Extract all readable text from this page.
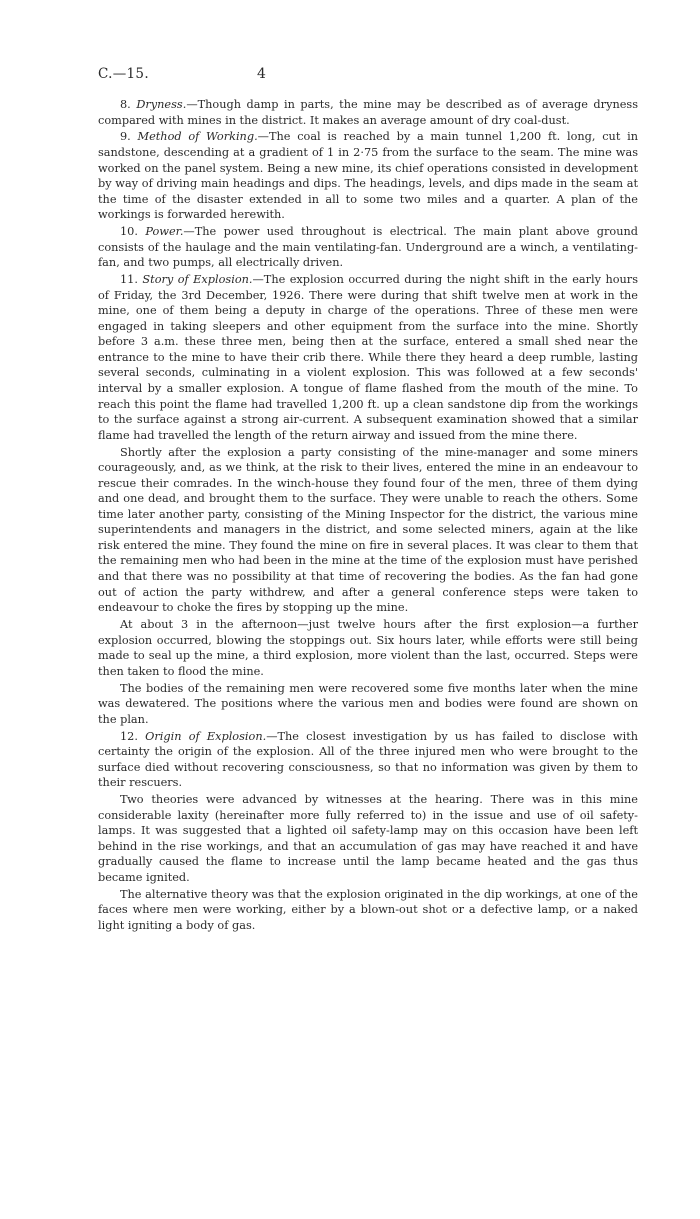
C.—15.	4

8. Dryness.—Though damp in parts, the mine may be described as of average dryness compared with mines in the district. It makes an average amount of dry coal-dust.

9. Method of Working.—The coal is reached by a main tunnel 1,200 ft. long, cut in sandstone, descending at a gradient of 1 in 2·75 from the surface to the seam. The mine was worked on the panel system. Being a new mine, its chief operations consisted in development by way of driving main headings and dips. The headings, levels, and dips made in the seam at the time of the disaster extended in all to some two miles and a quarter. A plan of the workings is forwarded herewith.

10. Power.—The power used throughout is electrical. The main plant above ground consists of the haulage and the main ventilating-fan. Underground are a winch, a ventilating-fan, and two pumps, all electrically driven.

11. Story of Explosion.—The explosion occurred during the night shift in the early hours of Friday, the 3rd December, 1926. There were during that shift twelve men at work in the mine, one of them being a deputy in charge of the operations. Three of these men were engaged in taking sleepers and other equipment from the surface into the mine. Shortly before 3 a.m. these three men, being then at the surface, entered a small shed near the entrance to the mine to have their crib there. While there they heard a deep rumble, lasting several seconds, culminating in a violent explosion. This was followed at a few seconds' interval by a smaller explosion. A tongue of flame flashed from the mouth of the mine. To reach this point the flame had travelled 1,200 ft. up a clean sandstone dip from the workings to the surface against a strong air-current. A subsequent examination showed that a similar flame had travelled the length of the return airway and issued from the mine there.

Shortly after the explosion a party consisting of the mine-manager and some miners courageously, and, as we think, at the risk to their lives, entered the mine in an endeavour to rescue their comrades. In the winch-house they found four of the men, three of them dying and one dead, and brought them to the surface. They were unable to reach the others. Some time later another party, consisting of the Mining Inspector for the district, the various mine superintendents and managers in the district, and some selected miners, again at the like risk entered the mine. They found the mine on fire in several places. It was clear to them that the remaining men who had been in the mine at the time of the explosion must have perished and that there was no possibility at that time of recovering the bodies. As the fan had gone out of action the party withdrew, and after a general conference steps were taken to endeavour to choke the fires by stopping up the mine.

At about 3 in the afternoon—just twelve hours after the first explosion—a further explosion occurred, blowing the stoppings out. Six hours later, while efforts were still being made to seal up the mine, a third explosion, more violent than the last, occurred. Steps were then taken to flood the mine.

The bodies of the remaining men were recovered some five months later when the mine was dewatered. The positions where the various men and bodies were found are shown on the plan.

12. Origin of Explosion.—The closest investigation by us has failed to disclose with certainty the origin of the explosion. All of the three injured men who were brought to the surface died without recovering consciousness, so that no information was given by them to their rescuers.

Two theories were advanced by witnesses at the hearing. There was in this mine considerable laxity (hereinafter more fully referred to) in the issue and use of oil safety-lamps. It was suggested that a lighted oil safety-lamp may on this occasion have been left behind in the rise workings, and that an accumulation of gas may have reached it and have gradually caused the flame to increase until the lamp became heated and the gas thus became ignited.

The alternative theory was that the explosion originated in the dip workings, at one of the faces where men were working, either by a blown-out shot or a defective lamp, or a naked light igniting a body of gas.
